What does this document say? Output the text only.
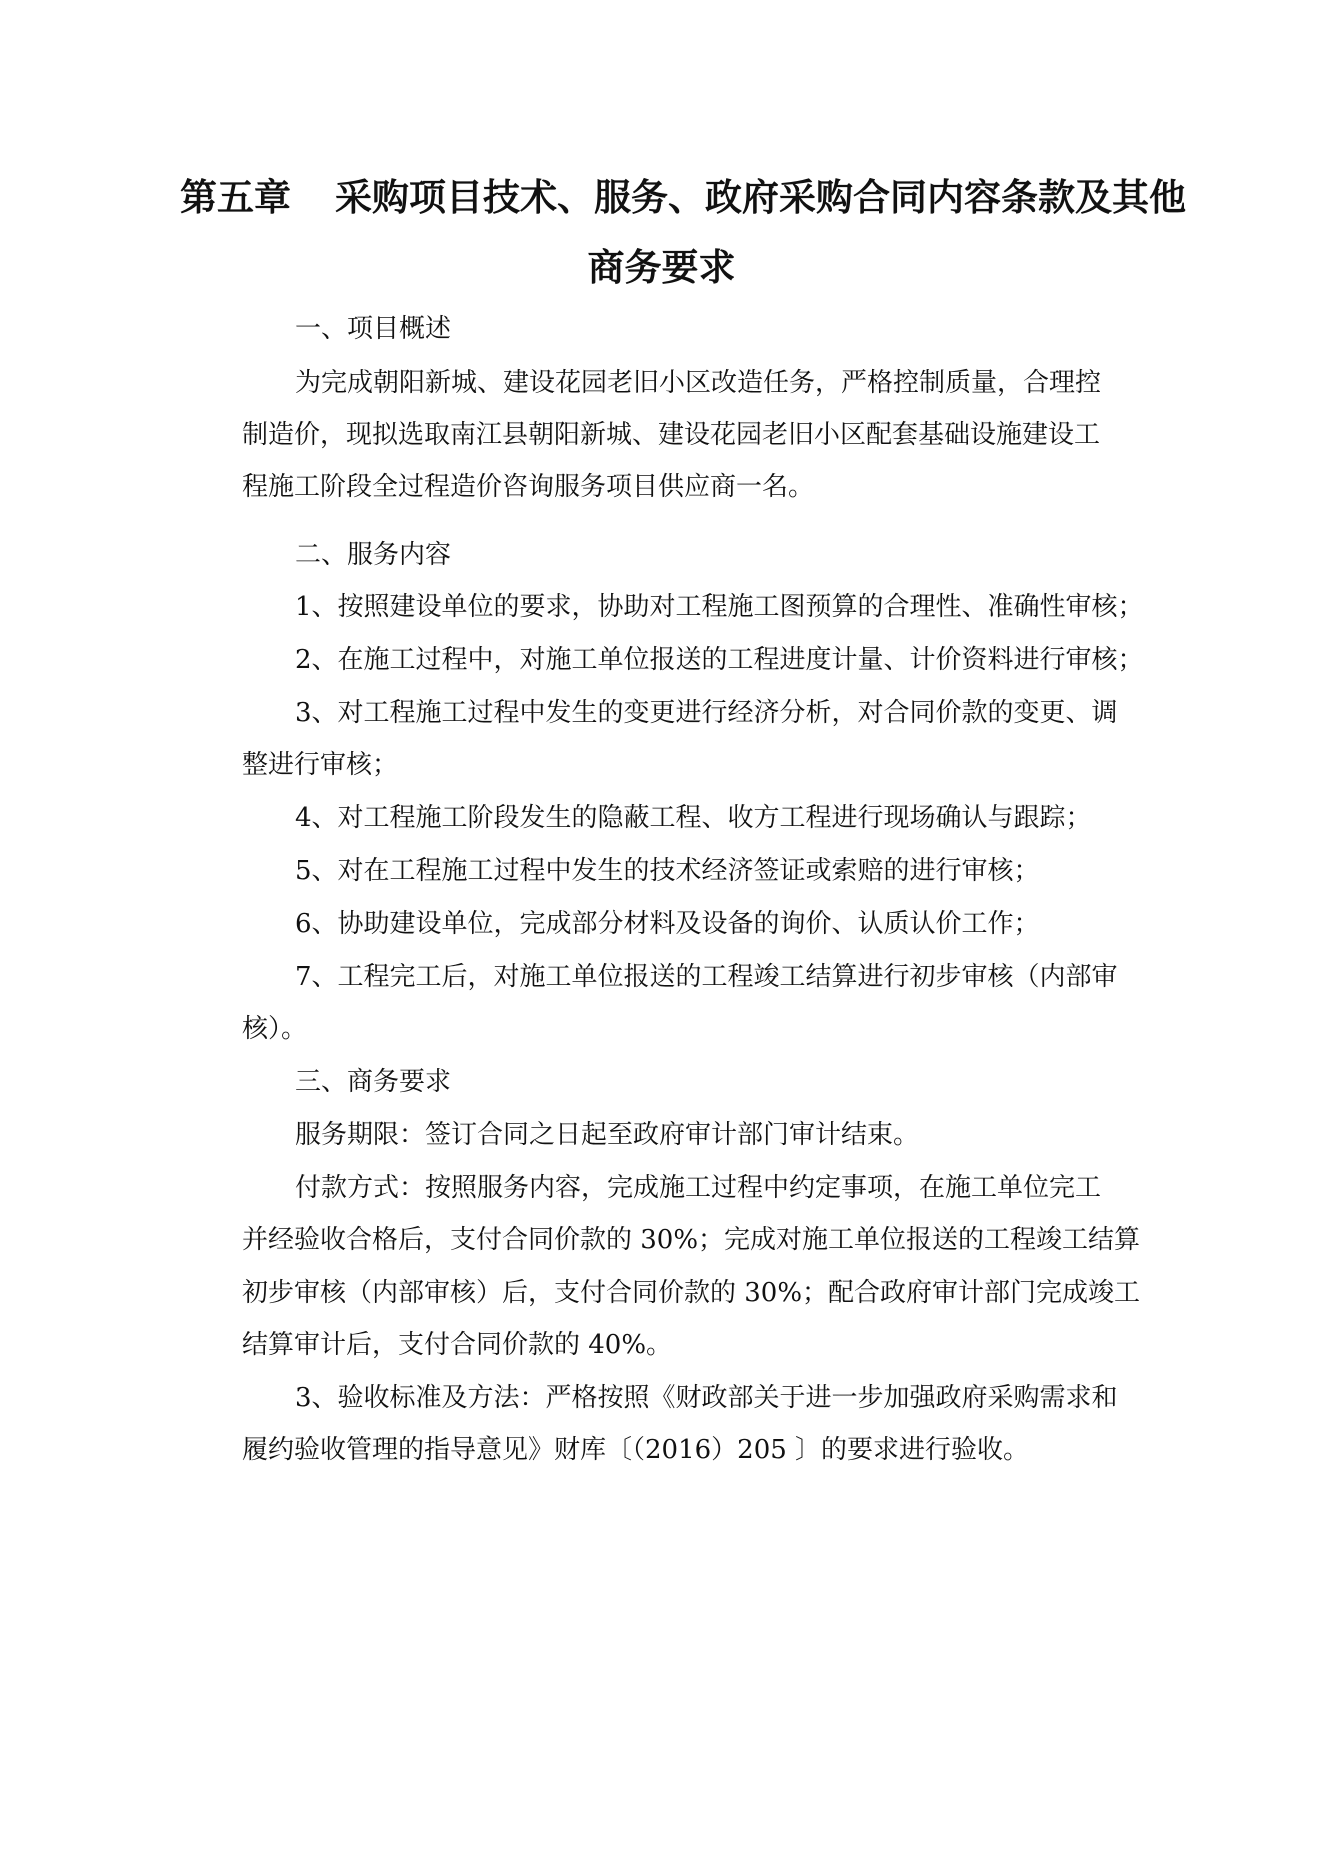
第五章 采购项目技术、服务、政府采购合同内容条款及其他
商务要求
一、项目概述
为完成朝阳新城、建设花园老旧小区改造任务，严格控制质量，合理控
制造价，现拟选取南江县朝阳新城、建设花园老旧小区配套基础设施建设工
程施工阶段全过程造价咨询服务项目供应商一名。
二、服务内容
1、按照建设单位的要求，协助对工程施工图预算的合理性、准确性审核；
2、在施工过程中，对施工单位报送的工程进度计量、计价资料进行审核；
3、对工程施工过程中发生的变更进行经济分析，对合同价款的变更、调
整进行审核；
4、对工程施工阶段发生的隐蔽工程、收方工程进行现场确认与跟踪；
5、对在工程施工过程中发生的技术经济签证或索赔的进行审核；
6、协助建设单位，完成部分材料及设备的询价、认质认价工作；
7、工程完工后，对施工单位报送的工程竣工结算进行初步审核（内部审
核）。
三、商务要求
服务期限：签订合同之日起至政府审计部门审计结束。
付款方式：按照服务内容，完成施工过程中约定事项，在施工单位完工
并经验收合格后，支付合同价款的 30%；完成对施工单位报送的工程竣工结算
初步审核（内部审核）后，支付合同价款的 30%；配合政府审计部门完成竣工
结算审计后，支付合同价款的 40%。
3、验收标准及方法：严格按照《财政部关于进一步加强政府采购需求和
履约验收管理的指导意见》财库〔（2016）205 〕的要求进行验收。
